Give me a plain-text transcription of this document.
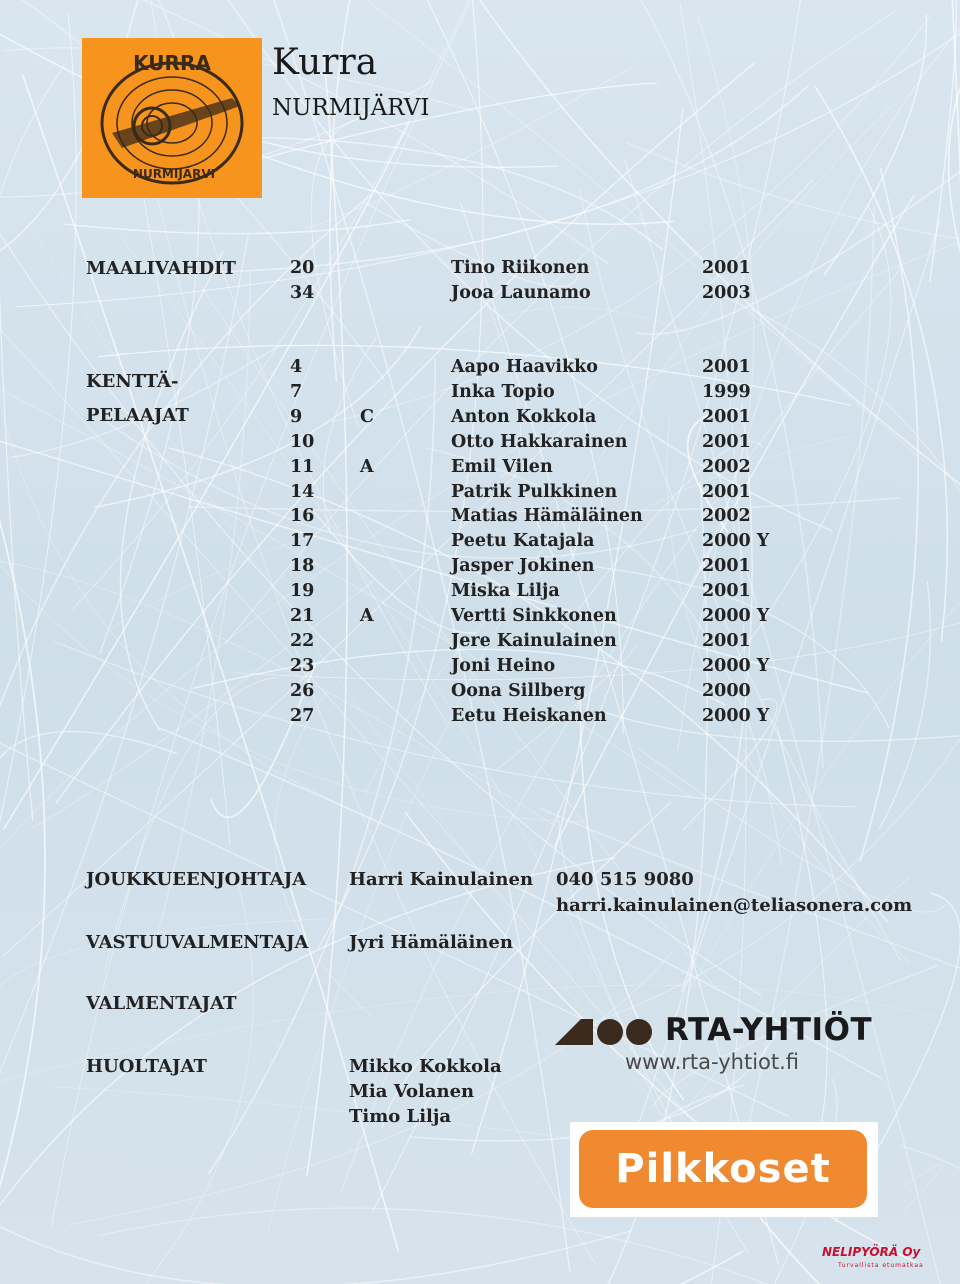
KURRA
NURMIJÄRVI
Kurra
NURMIJÄRVI
MAALIVAHDIT	20	Tino Riikonen	2001
34	Jooa Launamo	2003
KENTTÄ-
PELAAJAT
4	Aapo Haavikko	2001
7	Inka Topio	1999
9	C	Anton Kokkola	2001
10	Otto Hakkarainen	2001
11	A	Emil Vilen	2002
14	Patrik Pulkkinen	2001
16	Matias Hämäläinen	2002
17	Peetu Katajala	2000 Y
18	Jasper Jokinen	2001
19	Miska Lilja	2001
21	A	Vertti Sinkkonen	2000 Y
22	Jere Kainulainen	2001
23	Joni Heino	2000 Y
26	Oona Sillberg	2000
27	Eetu Heiskanen	2000 Y
JOUKKUEENJOHTAJA Harri Kainulainen 040 515 9080
harri.kainulainen@teliasonera.com
VASTUUVALMENTAJA Jyri Hämäläinen
VALMENTAJAT
HUOLTAJAT	Mikko Kokkola
Mia Volanen
Timo Lilja
RTA-YHTIÖT
www.rta-yhtiot.fi
Pilkkoset
NELIPYÖRÄ Oy
Turvallista etumatkaa
